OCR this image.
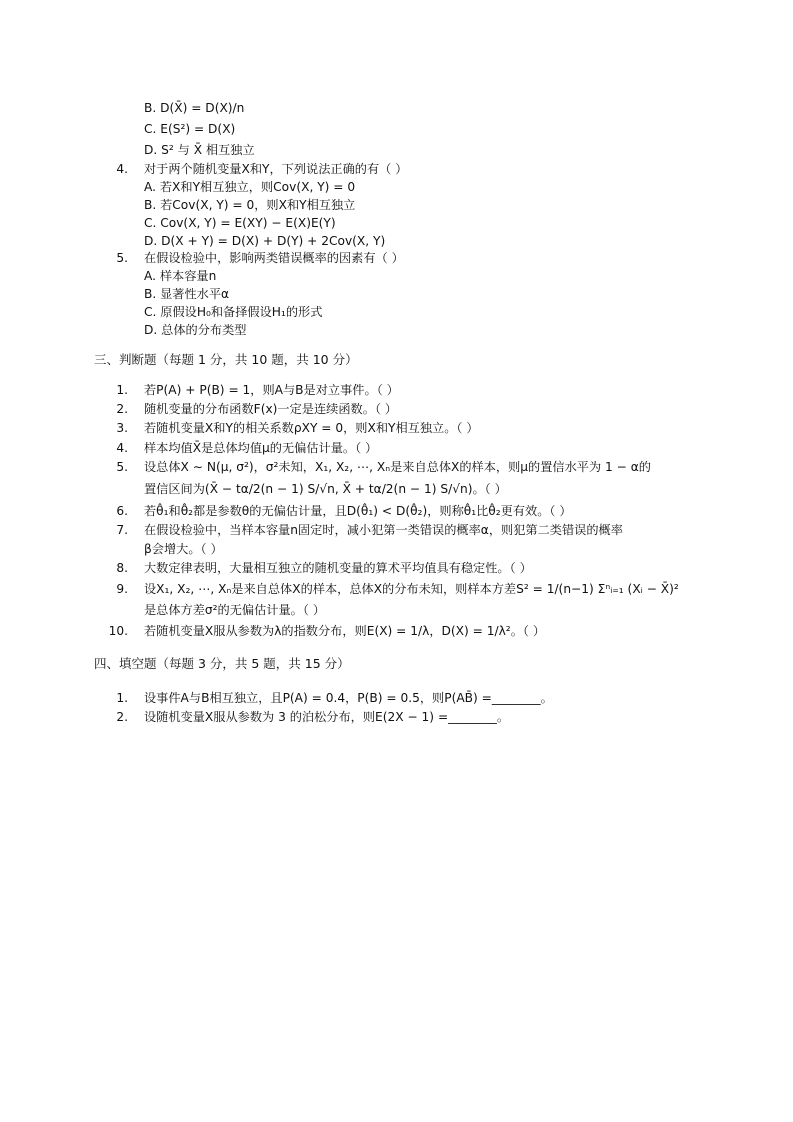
B. D(X̄) = D(X)/n
C. E(S²) = D(X)
D. S² 与 X̄ 相互独立
4. 对于两个随机变量X和Y，下列说法正确的有（ ）
A. 若X和Y相互独立，则Cov(X, Y) = 0
B. 若Cov(X, Y) = 0，则X和Y相互独立
C. Cov(X, Y) = E(XY) − E(X)E(Y)
D. D(X + Y) = D(X) + D(Y) + 2Cov(X, Y)
5. 在假设检验中，影响两类错误概率的因素有（ ）
A. 样本容量n
B. 显著性水平α
C. 原假设H₀和备择假设H₁的形式
D. 总体的分布类型
三、判断题（每题 1 分，共 10 题，共 10 分）
1. 若P(A) + P(B) = 1，则A与B是对立事件。（ ）
2. 随机变量的分布函数F(x)一定是连续函数。（ ）
3. 若随机变量X和Y的相关系数ρXY = 0，则X和Y相互独立。（ ）
4. 样本均值X̄是总体均值μ的无偏估计量。（ ）
5. 设总体X ∼ N(μ, σ²)，σ²未知，X₁, X₂, ⋯, Xₙ是来自总体X的样本，则μ的置信水平为 1 − α的
置信区间为(X̄ − tα/2(n − 1) S/√n, X̄ + tα/2(n − 1) S/√n)。（ ）
6. 若θ̂₁和θ̂₂都是参数θ的无偏估计量，且D(θ̂₁) < D(θ̂₂)，则称θ̂₁比θ̂₂更有效。（ ）
7. 在假设检验中，当样本容量n固定时，减小犯第一类错误的概率α，则犯第二类错误的概率
β会增大。（ ）
8. 大数定律表明，大量相互独立的随机变量的算术平均值具有稳定性。（ ）
9. 设X₁, X₂, ⋯, Xₙ是来自总体X的样本，总体X的分布未知，则样本方差S² = 1/(n−1) Σⁿᵢ₌₁ (Xᵢ − X̄)²
是总体方差σ²的无偏估计量。（ ）
10. 若随机变量X服从参数为λ的指数分布，则E(X) = 1/λ，D(X) = 1/λ²。（ ）
四、填空题（每题 3 分，共 5 题，共 15 分）
1. 设事件A与B相互独立，且P(A) = 0.4，P(B) = 0.5，则P(AB̄) =________。
2. 设随机变量X服从参数为 3 的泊松分布，则E(2X − 1) =________。
